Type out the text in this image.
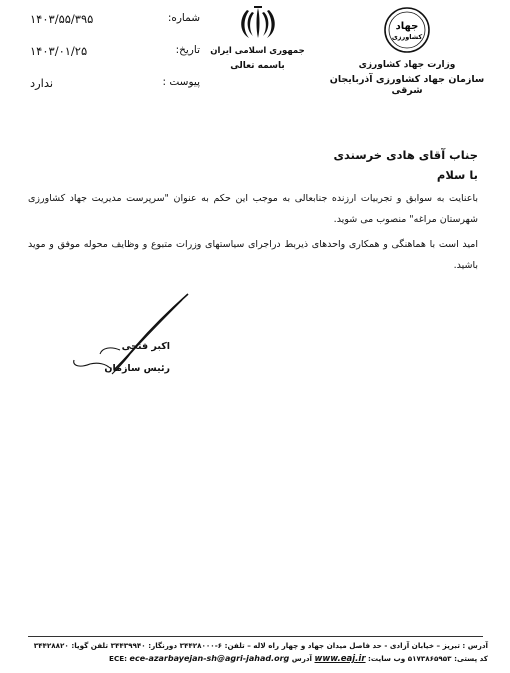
جهاد
کشاورزی
وزارت جهاد کشاورزی
سازمان جهاد کشاورزی آذربایجان شرقی
جمهوری اسلامی ایران
باسمه تعالی
شماره:
۱۴۰۳/۵۵/۳۹۵
تاریخ:
۱۴۰۳/۰۱/۲۵
پیوست :
ندارد
جناب آقای هادی خرسندی
با سلام
باعنایت به سوابق و تجربیات ارزنده جنابعالی به موجب این حکم به عنوان "سرپرست مدیریت جهاد کشاورزی شهرستان مراغه" منصوب می شوید.
امید است با هماهنگی و همکاری واحدهای ذیربط دراجرای سیاستهای وزرات متبوع و وظایف محوله موفق و موید باشید.
اکبر فتحی
رئیس سازمان
آدرس : تبریز – خیابان آزادی - حد فاصل میدان جهاد و چهار راه لاله – تلفن: ۶-۳۴۴۲۸۰۰۰ دورنگار: ۳۴۴۳۹۹۴۰ تلفن گویا: ۳۴۴۲۸۸۲۰
کد پستی: ۵۱۷۳۸۶۵۹۵۳ وب سایت: www.eaj.ir آدرس ECE: ece-azarbayejan-sh@agri-jahad.org
